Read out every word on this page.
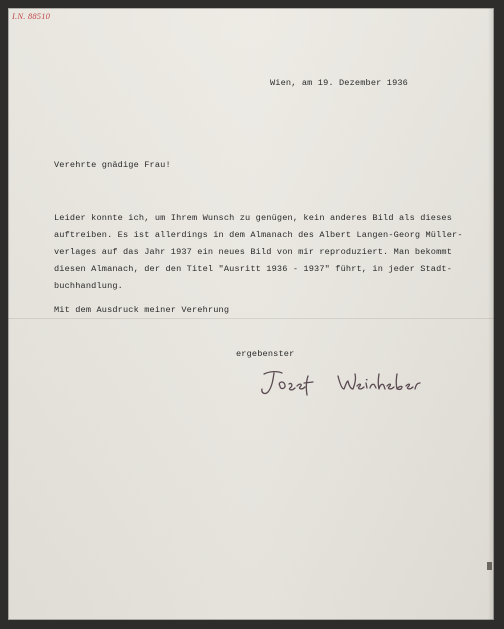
I.N. 88510
Wien, am 19. Dezember 1936
Verehrte gnädige Frau!
Leider konnte ich, um Ihrem Wunsch zu genügen, kein anderes Bild als dieses
auftreiben. Es ist allerdings in dem Almanach des Albert Langen-Georg Müller-
verlages auf das Jahr 1937 ein neues Bild von mir reproduziert. Man bekommt
diesen Almanach, der den Titel "Ausritt 1936 - 1937" führt, in jeder Stadt-
buchhandlung.
Mit dem Ausdruck meiner Verehrung
ergebenster
